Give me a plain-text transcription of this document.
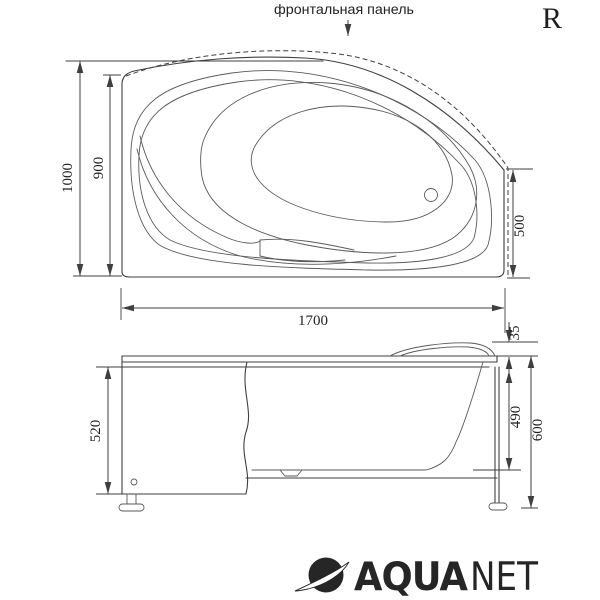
фронтальная панель	R
1000 900
500
1700
520
35
490
600
AQUA NET
